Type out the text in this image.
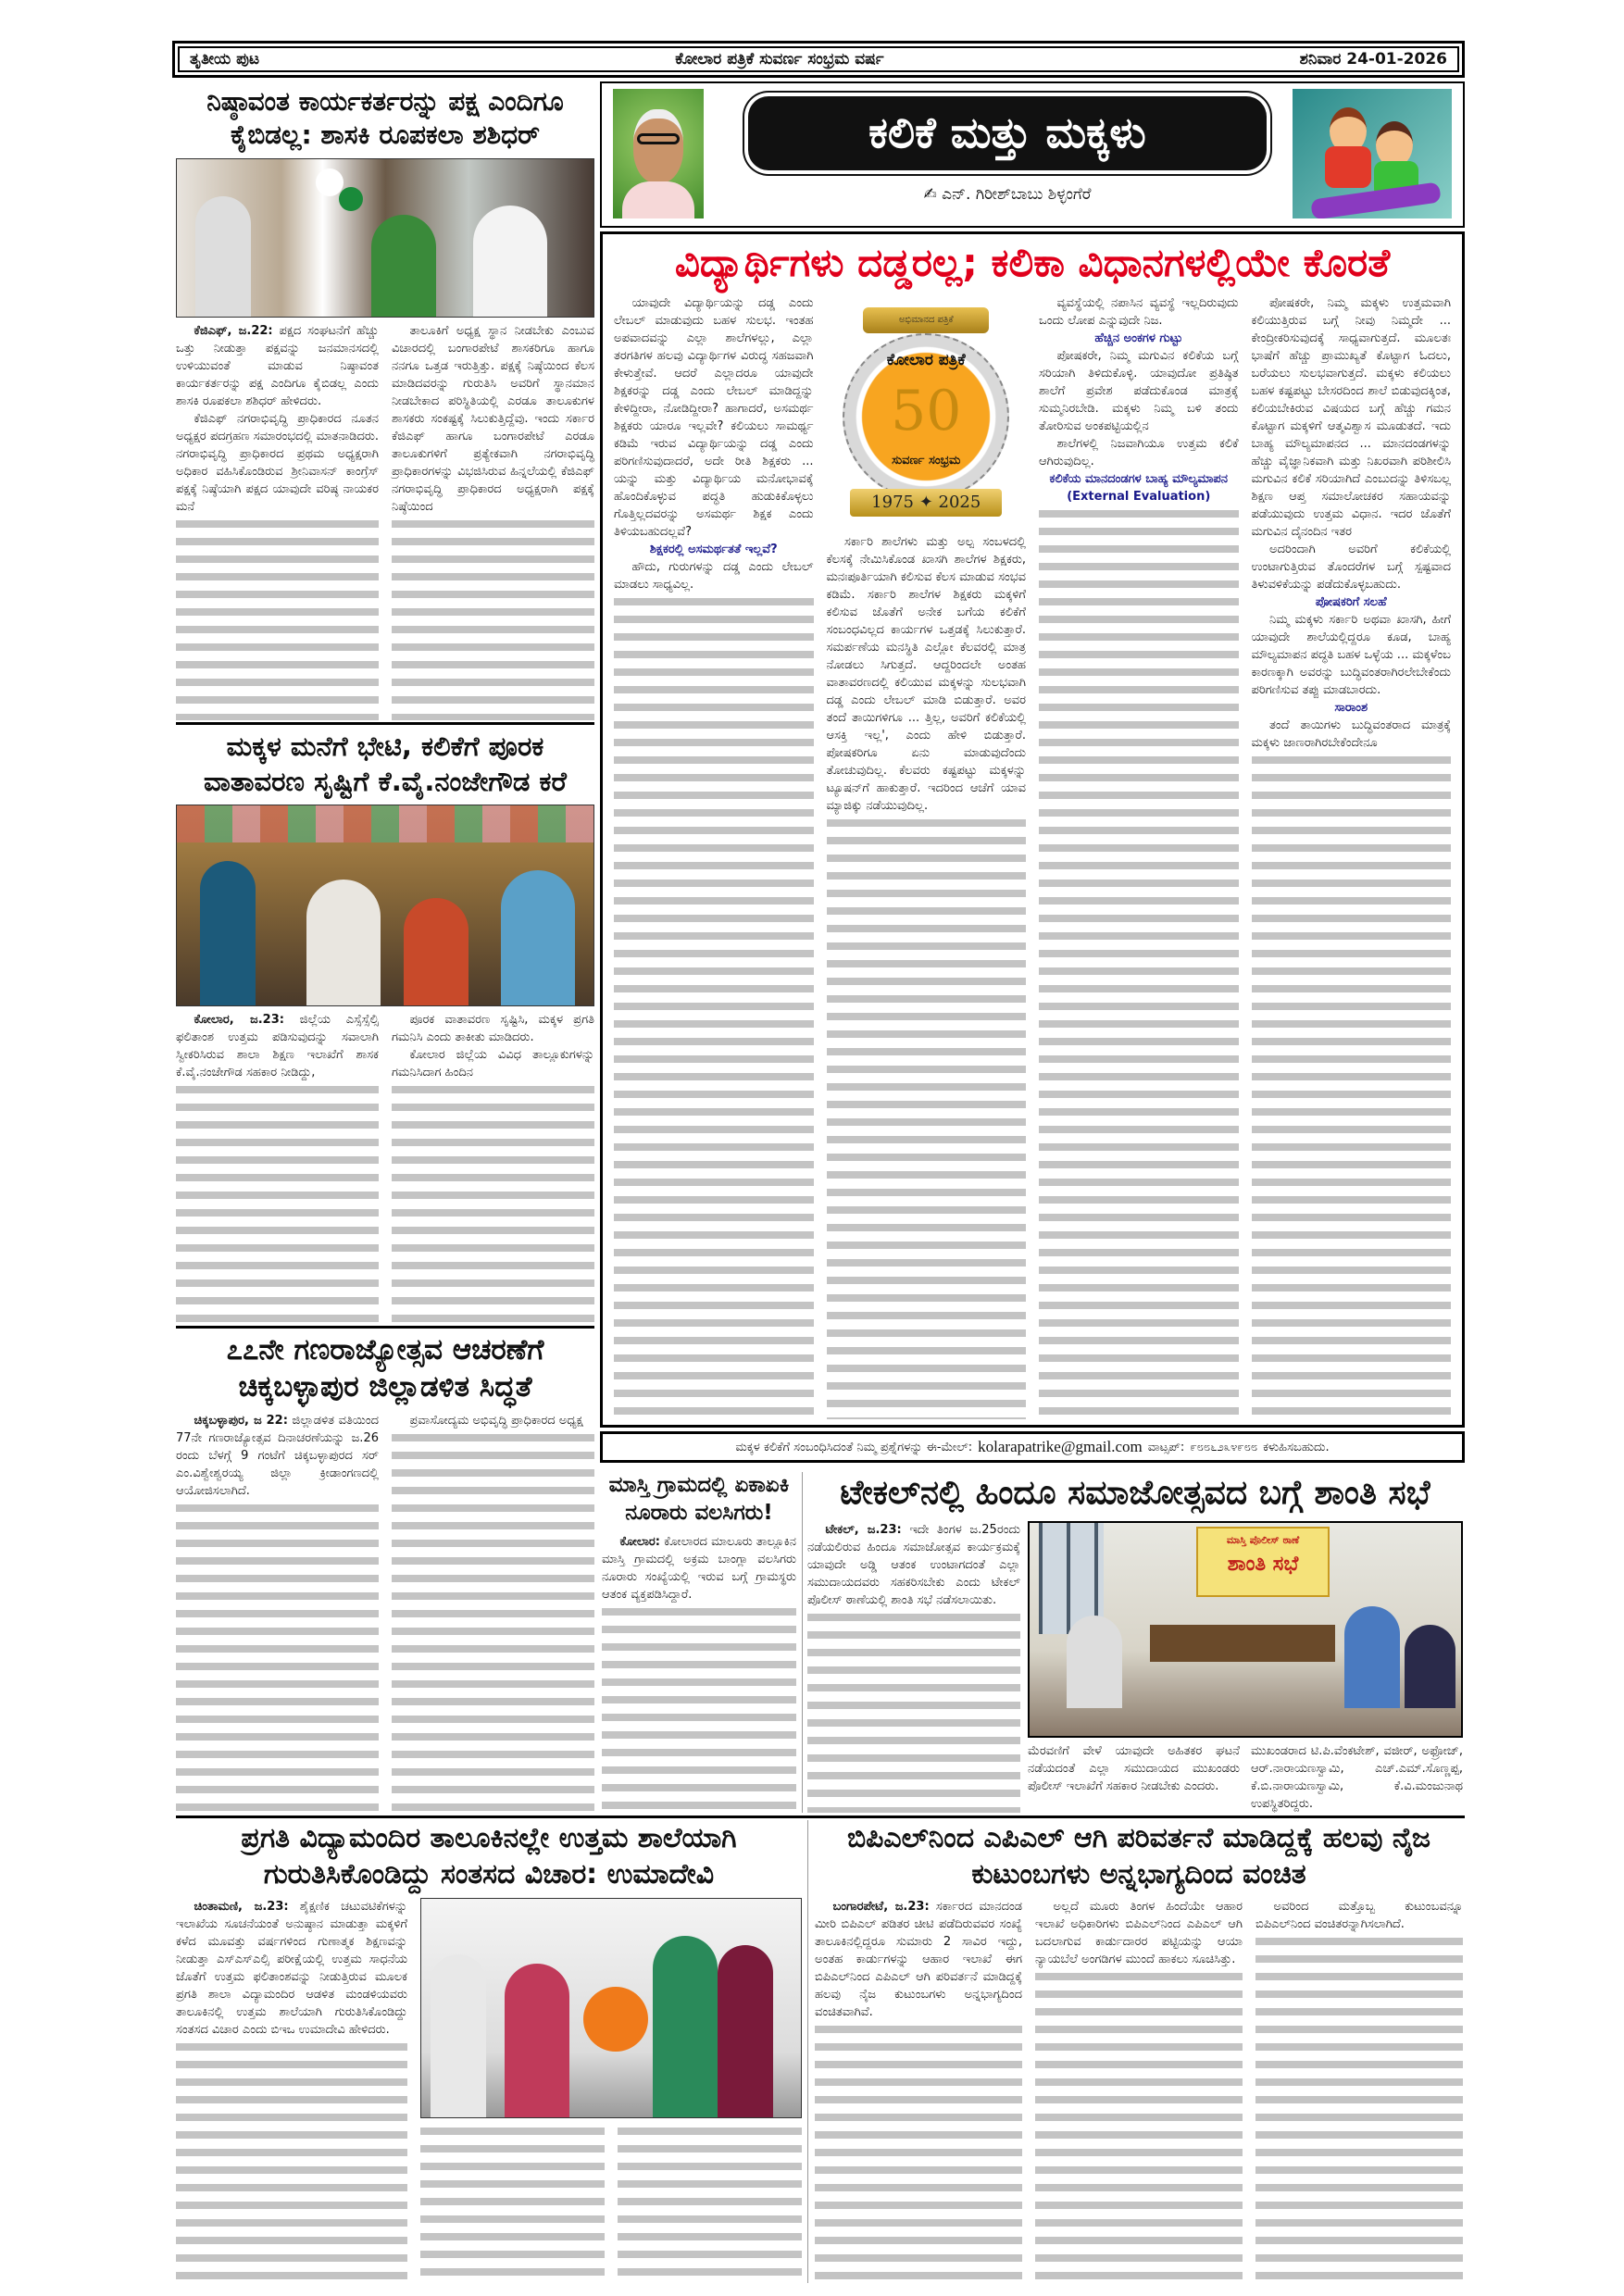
ತೃತೀಯ ಪುಟ	ಕೋಲಾರ ಪತ್ರಿಕೆ ಸುವರ್ಣ ಸಂಭ್ರಮ ವರ್ಷ	ಶನಿವಾರ 24-01-2026
ನಿಷ್ಠಾವಂತ ಕಾರ್ಯಕರ್ತರನ್ನು ಪಕ್ಷ ಎಂದಿಗೂ ಕೈಬಿಡಲ್ಲ: ಶಾಸಕಿ ರೂಪಕಲಾ ಶಶಿಧರ್

ಕೆಜಿಎಫ್, ಜ.22: ಪಕ್ಷದ ಸಂಘಟನೆಗೆ ಹೆಚ್ಚು ಒತ್ತು ನೀಡುತ್ತಾ ಪಕ್ಷವನ್ನು ಜನಮಾನಸದಲ್ಲಿ ಉಳಿಯುವಂತೆ ಮಾಡುವ ನಿಷ್ಠಾವಂತ ಕಾರ್ಯಕರ್ತರನ್ನು ಪಕ್ಷ ಎಂದಿಗೂ ಕೈಬಿಡಲ್ಲ ಎಂದು ಶಾಸಕಿ ರೂಪಕಲಾ ಶಶಿಧರ್ ಹೇಳಿದರು.

ಕೆಜಿಎಫ್ ನಗರಾಭಿವೃದ್ಧಿ ಪ್ರಾಧಿಕಾರದ ನೂತನ ಅಧ್ಯಕ್ಷರ ಪದಗ್ರಹಣ ಸಮಾರಂಭದಲ್ಲಿ ಮಾತನಾಡಿದರು. ನಗರಾಭಿವೃದ್ಧಿ ಪ್ರಾಧಿಕಾರದ ಪ್ರಥಮ ಅಧ್ಯಕ್ಷರಾಗಿ ಅಧಿಕಾರ ವಹಿಸಿಕೊಂಡಿರುವ ಶ್ರೀನಿವಾಸನ್ ಕಾಂಗ್ರೆಸ್ ಪಕ್ಷಕ್ಕೆ ನಿಷ್ಠೆಯಾಗಿ ಪಕ್ಷದ ಯಾವುದೇ ವರಿಷ್ಠ ನಾಯಕರ ಮನೆ

ತಾಲೂಕಿಗೆ ಅಧ್ಯಕ್ಷ ಸ್ಥಾನ ನೀಡಬೇಕು ಎಂಬುವ ವಿಚಾರದಲ್ಲಿ ಬಂಗಾರಪೇಟೆ ಶಾಸಕರಿಗೂ ಹಾಗೂ ನನಗೂ ಒತ್ತಡ ಇರುತ್ತಿತ್ತು. ಪಕ್ಷಕ್ಕೆ ನಿಷ್ಠೆಯಿಂದ ಕೆಲಸ ಮಾಡಿದವರನ್ನು ಗುರುತಿಸಿ ಅವರಿಗೆ ಸ್ಥಾನಮಾನ ನೀಡಬೇಕಾದ ಪರಿಸ್ಥಿತಿಯಲ್ಲಿ ಎರಡೂ ತಾಲೂಕುಗಳ ಶಾಸಕರು ಸಂಕಷ್ಟಕ್ಕೆ ಸಿಲುಕುತ್ತಿದ್ದೆವು. ಇಂದು ಸರ್ಕಾರ ಕೆಜಿಎಫ್ ಹಾಗೂ ಬಂಗಾರಪೇಟೆ ಎರಡೂ ತಾಲೂಕುಗಳಿಗೆ ಪ್ರತ್ಯೇಕವಾಗಿ ನಗರಾಭಿವೃದ್ಧಿ ಪ್ರಾಧಿಕಾರಗಳನ್ನು ವಿಭಜಿಸಿರುವ ಹಿನ್ನಲೆಯಲ್ಲಿ ಕೆಜಿಎಫ್ ನಗರಾಭಿವೃದ್ಧಿ ಪ್ರಾಧಿಕಾರದ ಅಧ್ಯಕ್ಷರಾಗಿ ಪಕ್ಷಕ್ಕೆ ನಿಷ್ಠೆಯಿಂದ

ಮಕ್ಕಳ ಮನೆಗೆ ಭೇಟಿ, ಕಲಿಕೆಗೆ ಪೂರಕ ವಾತಾವರಣ ಸೃಷ್ಟಿಗೆ ಕೆ.ವೈ.ನಂಜೇಗೌಡ ಕರೆ

ಕೋಲಾರ, ಜ.23: ಜಿಲ್ಲೆಯ ಎಸ್ಸೆಸ್ಸೆಲ್ಸಿ ಫಲಿತಾಂಶ ಉತ್ತಮ ಪಡಿಸುವುದನ್ನು ಸವಾಲಾಗಿ ಸ್ವೀಕರಿಸಿರುವ ಶಾಲಾ ಶಿಕ್ಷಣ ಇಲಾಖೆಗೆ ಶಾಸಕ ಕೆ.ವೈ.ನಂಜೇಗೌಡ ಸಹಕಾರ ನೀಡಿದ್ದು,

ಪೂರಕ ವಾತಾವರಣ ಸೃಷ್ಟಿಸಿ, ಮಕ್ಕಳ ಪ್ರಗತಿ ಗಮನಿಸಿ ಎಂದು ತಾಕೀತು ಮಾಡಿದರು.

ಕೋಲಾರ ಜಿಲ್ಲೆಯ ವಿವಿಧ ತಾಲ್ಲೂಕುಗಳನ್ನು ಗಮನಿಸಿದಾಗ ಹಿಂದಿನ

೭೭ನೇ ಗಣರಾಜ್ಯೋತ್ಸವ ಆಚರಣೆಗೆ ಚಿಕ್ಕಬಳ್ಳಾಪುರ ಜಿಲ್ಲಾಡಳಿತ ಸಿದ್ಧತೆ

ಚಿಕ್ಕಬಳ್ಳಾಪುರ, ಜ 22: ಜಿಲ್ಲಾಡಳಿತ ವತಿಯಿಂದ 77ನೇ ಗಣರಾಜ್ಯೋತ್ಸವ ದಿನಾಚರಣೆಯನ್ನು ಜ.26 ರಂದು ಬೆಳಗ್ಗೆ 9 ಗಂಟೆಗೆ ಚಿಕ್ಕಬಳ್ಳಾಪುರದ ಸರ್ ಎಂ.ವಿಶ್ವೇಶ್ವರಯ್ಯ ಜಿಲ್ಲಾ ಕ್ರೀಡಾಂಗಣದಲ್ಲಿ ಆಯೋಜಿಸಲಾಗಿದೆ.

ಪ್ರವಾಸೋದ್ಯಮ ಅಭಿವೃದ್ಧಿ ಪ್ರಾಧಿಕಾರದ ಅಧ್ಯಕ್ಷ

ಕಲಿಕೆ ಮತ್ತು ಮಕ್ಕಳು
✍ ಎನ್. ಗಿರೀಶ್‌ಬಾಬು ಶಿಳ್ಳಂಗೆರೆ
ವಿದ್ಯಾರ್ಥಿಗಳು ದಡ್ಡರಲ್ಲ; ಕಲಿಕಾ ವಿಧಾನಗಳಲ್ಲಿಯೇ ಕೊರತೆ

ಯಾವುದೇ ವಿದ್ಯಾರ್ಥಿಯನ್ನು ದಡ್ಡ ಎಂದು ಲೇಬಲ್ ಮಾಡುವುದು ಬಹಳ ಸುಲಭ. ಇಂತಹ ಅಪವಾದವನ್ನು ಎಲ್ಲಾ ಶಾಲೆಗಳಲ್ಲು, ಎಲ್ಲಾ ತರಗತಿಗಳ ಹಲವು ವಿದ್ಯಾರ್ಥಿಗಳ ವಿರುದ್ಧ ಸಹಜವಾಗಿ ಕೇಳುತ್ತೇವೆ. ಆದರೆ ಎಲ್ಲಾದರೂ ಯಾವುದೇ ಶಿಕ್ಷಕರನ್ನು ದಡ್ಡ ಎಂದು ಲೇಬಲ್ ಮಾಡಿದ್ದನ್ನು ಕೇಳಿದ್ದೀರಾ, ನೋಡಿದ್ದೀರಾ? ಹಾಗಾದರೆ, ಅಸಮರ್ಥ ಶಿಕ್ಷಕರು ಯಾರೂ ಇಲ್ಲವೇ? ಕಲಿಯಲು ಸಾಮರ್ಥ್ಯ ಕಡಿಮೆ ಇರುವ ವಿದ್ಯಾರ್ಥಿಯನ್ನು ದಡ್ಡ ಎಂದು ಪರಿಗಣಿಸುವುದಾದರೆ, ಅದೇ ರೀತಿ ಶಿಕ್ಷಕರು ... ಯನ್ನು ಮತ್ತು ವಿದ್ಯಾರ್ಥಿಯ ಮನೋಭಾವಕ್ಕೆ ಹೊಂದಿಕೊಳ್ಳುವ ಪದ್ಧತಿ ಹುಡುಕಿಕೊಳ್ಳಲು ಗೊತ್ತಿಲ್ಲದವರನ್ನು ಅಸಮರ್ಥ ಶಿಕ್ಷಕ ಎಂದು ತಿಳಿಯಬಹುದಲ್ಲವೆ?

ಶಿಕ್ಷಕರಲ್ಲಿ ಅಸಮರ್ಥತತೆ ಇಲ್ಲವೆ?

ಹೌದು, ಗುರುಗಳನ್ನು ದಡ್ಡ ಎಂದು ಲೇಬಲ್ ಮಾಡಲು ಸಾಧ್ಯವಿಲ್ಲ.

ಅಭಿಮಾನದ ಪತ್ರಿಕೆ
ಕೋಲಾರ ಪತ್ರಿಕೆ
50
ಸುವರ್ಣ ಸಂಭ್ರಮ
1975 ✦ 2025

ಸರ್ಕಾರಿ ಶಾಲೆಗಳು ಮತ್ತು ಅಲ್ಪ ಸಂಬಳದಲ್ಲಿ ಕೆಲಸಕ್ಕೆ ನೇಮಿಸಿಕೊಂಡ ಖಾಸಗಿ ಶಾಲೆಗಳ ಶಿಕ್ಷಕರು, ಮನಃಪೂರ್ತಿಯಾಗಿ ಕಲಿಸುವ ಕೆಲಸ ಮಾಡುವ ಸಂಭವ ಕಡಿಮೆ. ಸರ್ಕಾರಿ ಶಾಲೆಗಳ ಶಿಕ್ಷಕರು ಮಕ್ಕಳಿಗೆ ಕಲಿಸುವ ಜೊತೆಗೆ ಅನೇಕ ಬಗೆಯ ಕಲಿಕೆಗೆ ಸಂಬಂಧವಿಲ್ಲದ ಕಾರ್ಯಗಳ ಒತ್ತಡಕ್ಕೆ ಸಿಲುಕುತ್ತಾರೆ. ಸಮರ್ಪಣೆಯ ಮನಸ್ಥಿತಿ ಎಲ್ಲೋ ಕೆಲವರಲ್ಲಿ ಮಾತ್ರ ನೋಡಲು ಸಿಗುತ್ತದೆ. ಆದ್ದರಿಂದಲೇ ಅಂತಹ ವಾತಾವರಣದಲ್ಲಿ ಕಲಿಯುವ ಮಕ್ಕಳನ್ನು ಸುಲಭವಾಗಿ ದಡ್ಡ ಎಂದು ಲೇಬಲ್ ಮಾಡಿ ಬಿಡುತ್ತಾರೆ. ಅವರ ತಂದೆ ತಾಯಿಗಳಿಗೂ ... ತ್ತಿಲ್ಲ, ಅವರಿಗೆ ಕಲಿಕೆಯಲ್ಲಿ ಆಸಕ್ತಿ ಇಲ್ಲ', ಎಂದು ಹೇಳಿ ಬಿಡುತ್ತಾರೆ. ಪೋಷಕರಿಗೂ ಏನು ಮಾಡುವುದೆಂದು ತೋಚುವುದಿಲ್ಲ. ಕೆಲವರು ಕಷ್ಟಪಟ್ಟು ಮಕ್ಕಳನ್ನು ಟ್ಯೂಷನ್‌ಗೆ ಹಾಕುತ್ತಾರೆ. ಇದರಿಂದ ಆಚೆಗೆ ಯಾವ ಮ್ಯಾಜಿಕ್ಕು ನಡೆಯುವುದಿಲ್ಲ.

ವ್ಯವಸ್ಥೆಯಲ್ಲಿ ನಪಾಸಿನ ವ್ಯವಸ್ಥೆ ಇಲ್ಲದಿರುವುದು ಒಂದು ಲೋಪ ಎನ್ನುವುದೇ ನಿಜ.

ಹೆಚ್ಚಿನ ಅಂಕಗಳ ಗುಟ್ಟು

ಪೋಷಕರೇ, ನಿಮ್ಮ ಮಗುವಿನ ಕಲಿಕೆಯ ಬಗ್ಗೆ ಸರಿಯಾಗಿ ತಿಳಿದುಕೊಳ್ಳಿ. ಯಾವುದೋ ಪ್ರತಿಷ್ಠಿತ ಶಾಲೆಗೆ ಪ್ರವೇಶ ಪಡೆದುಕೊಂಡ ಮಾತ್ರಕ್ಕೆ ಸುಮ್ಮನಿರಬೇಡಿ. ಮಕ್ಕಳು ನಿಮ್ಮ ಬಳಿ ತಂದು ತೋರಿಸುವ ಅಂಕಪಟ್ಟಿಯಲ್ಲಿನ

ಶಾಲೆಗಳಲ್ಲಿ ನಿಜವಾಗಿಯೂ ಉತ್ತಮ ಕಲಿಕೆ ಆಗಿರುವುದಿಲ್ಲ.

ಕಲಿಕೆಯ ಮಾನದಂಡಗಳ ಬಾಹ್ಯ ಮೌಲ್ಯಮಾಪನ (External Evaluation)

ಪೋಷಕರೇ, ನಿಮ್ಮ ಮಕ್ಕಳು ಉತ್ತಮವಾಗಿ ಕಲಿಯುತ್ತಿರುವ ಬಗ್ಗೆ ನೀವು ನಿಮ್ಮದೇ ... ಕೇಂದ್ರೀಕರಿಸುವುದಕ್ಕೆ ಸಾಧ್ಯವಾಗುತ್ತದೆ. ಮೂಲತಃ ಭಾಷೆಗೆ ಹೆಚ್ಚು ಪ್ರಾಮುಖ್ಯತೆ ಕೊಟ್ಟಾಗ ಓದಲು, ಬರೆಯಲು ಸುಲಭವಾಗುತ್ತದೆ. ಮಕ್ಕಳು ಕಲಿಯಲು ಬಹಳ ಕಷ್ಟಪಟ್ಟು ಬೇಸರದಿಂದ ಶಾಲೆ ಬಿಡುವುದಕ್ಕಿಂತ, ಕಲಿಯಬೇಕಿರುವ ವಿಷಯದ ಬಗ್ಗೆ ಹೆಚ್ಚು ಗಮನ ಕೊಟ್ಟಾಗ ಮಕ್ಕಳಿಗೆ ಆತ್ಮವಿಶ್ವಾಸ ಮೂಡುತದೆ. ಇದು ಬಾಹ್ಯ ಮೌಲ್ಯಮಾಪನದ ... ಮಾನದಂಡಗಳನ್ನು ಹೆಚ್ಚು ವೈಜ್ಞಾನಿಕವಾಗಿ ಮತ್ತು ನಿಖರವಾಗಿ ಪರಿಶೀಲಿಸಿ ಮಗುವಿನ ಕಲಿಕೆ ಸರಿಯಾಗಿದೆ ಎಂಬುದನ್ನು ತಿಳಿಸಬಲ್ಲ ಶಿಕ್ಷಣ ಆಪ್ತ ಸಮಾಲೋಚಕರ ಸಹಾಯವನ್ನು ಪಡೆಯುವುದು ಉತ್ತಮ ವಿಧಾನ. ಇದರ ಜೊತೆಗೆ ಮಗುವಿನ ದೈನಂದಿನ ಇತರ

ಅದರಿಂದಾಗಿ ಅವರಿಗೆ ಕಲಿಕೆಯಲ್ಲಿ ಉಂಟಾಗುತ್ತಿರುವ ತೊಂದರೆಗಳ ಬಗ್ಗೆ ಸ್ಪಷ್ಟವಾದ ತಿಳುವಳಿಕೆಯನ್ನು ಪಡೆದುಕೊಳ್ಳಬಹುದು.

ಪೋಷಕರಿಗೆ ಸಲಹೆ

ನಿಮ್ಮ ಮಕ್ಕಳು ಸರ್ಕಾರಿ ಅಥವಾ ಖಾಸಗಿ, ಹೀಗೆ ಯಾವುದೇ ಶಾಲೆಯಲ್ಲಿದ್ದರೂ ಕೂಡ, ಬಾಹ್ಯ ಮೌಲ್ಯಮಾಪನ ಪದ್ಧತಿ ಬಹಳ ಒಳ್ಳೆಯ ... ಮಕ್ಕಳೆಂಬ ಕಾರಣಕ್ಕಾಗಿ ಅವರನ್ನು ಬುದ್ಧಿವಂತರಾಗಿರಲೇಬೇಕೆಂದು ಪರಿಗಣಿಸುವ ತಪ್ಪು ಮಾಡಬಾರದು.

ಸಾರಾಂಶ

ತಂದೆ ತಾಯಿಗಳು ಬುದ್ಧಿವಂತರಾದ ಮಾತ್ರಕ್ಕೆ ಮಕ್ಕಳು ಜಾಣರಾಗಿರಬೇಕೆಂದೇನೂ

ಮಕ್ಕಳ ಕಲಿಕೆಗೆ ಸಂಬಂಧಿಸಿದಂತೆ ನಿಮ್ಮ ಪ್ರಶ್ನೆಗಳನ್ನು ಈ-ಮೇಲ್: kolarapatrike@gmail.com ವಾಟ್ಸಪ್: ೯೮೮೬೨೩೪೯೮೮ ಕಳುಹಿಸಬಹುದು.
ಮಾಸ್ತಿ ಗ್ರಾಮದಲ್ಲಿ ಏಕಾಏಕಿ ನೂರಾರು ವಲಸಿಗರು!

ಕೋಲಾರ: ಕೋಲಾರದ ಮಾಲೂರು ತಾಲ್ಲೂಕಿನ ಮಾಸ್ತಿ ಗ್ರಾಮದಲ್ಲಿ ಅಕ್ರಮ ಬಾಂಗ್ಲಾ ವಲಸಿಗರು ನೂರಾರು ಸಂಖ್ಯೆಯಲ್ಲಿ ಇರುವ ಬಗ್ಗೆ ಗ್ರಾಮಸ್ಥರು ಆತಂಕ ವ್ಯಕ್ತಪಡಿಸಿದ್ದಾರೆ.

ಟೇಕಲ್‌ನಲ್ಲಿ ಹಿಂದೂ ಸಮಾಜೋತ್ಸವದ ಬಗ್ಗೆ ಶಾಂತಿ ಸಭೆ

ಟೇಕಲ್, ಜ.23: ಇದೇ ತಿಂಗಳ ಜ.25ರಂದು ನಡೆಯಲಿರುವ ಹಿಂದೂ ಸಮಾಜೋತ್ಸವ ಕಾರ್ಯಕ್ರಮಕ್ಕೆ ಯಾವುದೇ ಅಡ್ಡಿ ಆತಂಕ ಉಂಟಾಗದಂತೆ ಎಲ್ಲಾ ಸಮುದಾಯದವರು ಸಹಕರಿಸಬೇಕು ಎಂದು ಟೇಕಲ್ ಪೊಲೀಸ್ ಠಾಣೆಯಲ್ಲಿ ಶಾಂತಿ ಸಭೆ ನಡೆಸಲಾಯಿತು.

ಮಾಸ್ತಿ ಪೊಲೀಸ್ ಠಾಣೆ
ಶಾಂತಿ ಸಭೆ
ಮೆರವಣಿಗೆ ವೇಳೆ ಯಾವುದೇ ಅಹಿತಕರ ಘಟನೆ ನಡೆಯದಂತೆ ಎಲ್ಲಾ ಸಮುದಾಯದ ಮುಖಂಡರು ಪೊಲೀಸ್ ಇಲಾಖೆಗೆ ಸಹಕಾರ ನೀಡಬೇಕು ಎಂದರು.
ಮುಖಂಡರಾದ ಟಿ.ಪಿ.ವೆಂಕಟೇಶ್, ವಜೀರ್, ಅಫ್ರೋಜ್, ಆರ್.ನಾರಾಯಣಸ್ವಾಮಿ, ಎಚ್.ಎಮ್.ಸೊಣ್ಣಪ್ಪ, ಕೆ.ಬಿ.ನಾರಾಯಣಸ್ವಾಮಿ, ಕೆ.ವಿ.ಮಂಜುನಾಥ ಉಪಸ್ಥಿತರಿದ್ದರು.
ಪ್ರಗತಿ ವಿದ್ಯಾಮಂದಿರ ತಾಲೂಕಿನಲ್ಲೇ ಉತ್ತಮ ಶಾಲೆಯಾಗಿ ಗುರುತಿಸಿಕೊಂಡಿದ್ದು ಸಂತಸದ ವಿಚಾರ: ಉಮಾದೇವಿ

ಚಿಂತಾಮಣಿ, ಜ.23: ಶೈಕ್ಷಣಿಕ ಚಟುವಟಿಕೆಗಳನ್ನು ಇಲಾಖೆಯ ಸೂಚನೆಯಂತೆ ಅನುಷ್ಠಾನ ಮಾಡುತ್ತಾ ಮಕ್ಕಳಿಗೆ ಕಳೆದ ಮೂವತ್ತು ವರ್ಷಗಳಿಂದ ಗುಣಾತ್ಮಕ ಶಿಕ್ಷಣವನ್ನು ನೀಡುತ್ತಾ ಎಸ್ಎಸ್ಎಲ್ಸಿ ಪರೀಕ್ಷೆಯಲ್ಲಿ ಉತ್ತಮ ಸಾಧನೆಯ ಜೊತೆಗೆ ಉತ್ತಮ ಫಲಿತಾಂಶವನ್ನು ನೀಡುತ್ತಿರುವ ಮೂಲಕ ಪ್ರಗತಿ ಶಾಲಾ ವಿದ್ಯಾಮಂದಿರ ಆಡಳಿತ ಮಂಡಳಿಯವರು ತಾಲೂಕಿನಲ್ಲಿ ಉತ್ತಮ ಶಾಲೆಯಾಗಿ ಗುರುತಿಸಿಕೊಂಡಿದ್ದು ಸಂತಸದ ವಿಚಾರ ಎಂದು ಬಿಇಒ ಉಮಾದೇವಿ ಹೇಳಿದರು.

ಬಿಪಿಎಲ್‌ನಿಂದ ಎಪಿಎಲ್ ಆಗಿ ಪರಿವರ್ತನೆ ಮಾಡಿದ್ದಕ್ಕೆ ಹಲವು ನೈಜ ಕುಟುಂಬಗಳು ಅನ್ನಭಾಗ್ಯದಿಂದ ವಂಚಿತ

ಬಂಗಾರಪೇಟೆ, ಜ.23: ಸರ್ಕಾರದ ಮಾನದಂಡ ಮೀರಿ ಬಿಪಿಎಲ್ ಪಡಿತರ ಚೀಟಿ ಪಡೆದಿರುವವರ ಸಂಖ್ಯೆ ತಾಲೂಕಿನಲ್ಲಿದ್ದರೂ ಸುಮಾರು 2 ಸಾವಿರ ಇದ್ದು, ಅಂತಹ ಕಾರ್ಡುಗಳನ್ನು ಆಹಾರ ಇಲಾಖೆ ಈಗ ಬಿಪಿಎಲ್‌ನಿಂದ ಎಪಿಎಲ್ ಆಗಿ ಪರಿವರ್ತನೆ ಮಾಡಿದ್ದಕ್ಕೆ ಹಲವು ನೈಜ ಕುಟುಂಬಗಳು ಅನ್ನಭಾಗ್ಯದಿಂದ ವಂಚಿತವಾಗಿವೆ.

ಅಲ್ಲದೆ ಮೂರು ತಿಂಗಳ ಹಿಂದೆಯೇ ಆಹಾರ ಇಲಾಖೆ ಅಧಿಕಾರಿಗಳು ಬಿಪಿಎಲ್‌ನಿಂದ ಎಪಿಎಲ್ ಆಗಿ ಬದಲಾಗುವ ಕಾರ್ಡುದಾರರ ಪಟ್ಟಿಯನ್ನು ಆಯಾ ನ್ಯಾಯಬೆಲೆ ಅಂಗಡಿಗಳ ಮುಂದೆ ಹಾಕಲು ಸೂಚಿಸಿತ್ತು.

ಅವರಿಂದ ಮತ್ತೊಬ್ಬ ಕುಟುಂಬವನ್ನೂ ಬಿಪಿಎಲ್‌ನಿಂದ ವಂಚಿತರನ್ನಾಗಿಸಲಾಗಿದೆ.
